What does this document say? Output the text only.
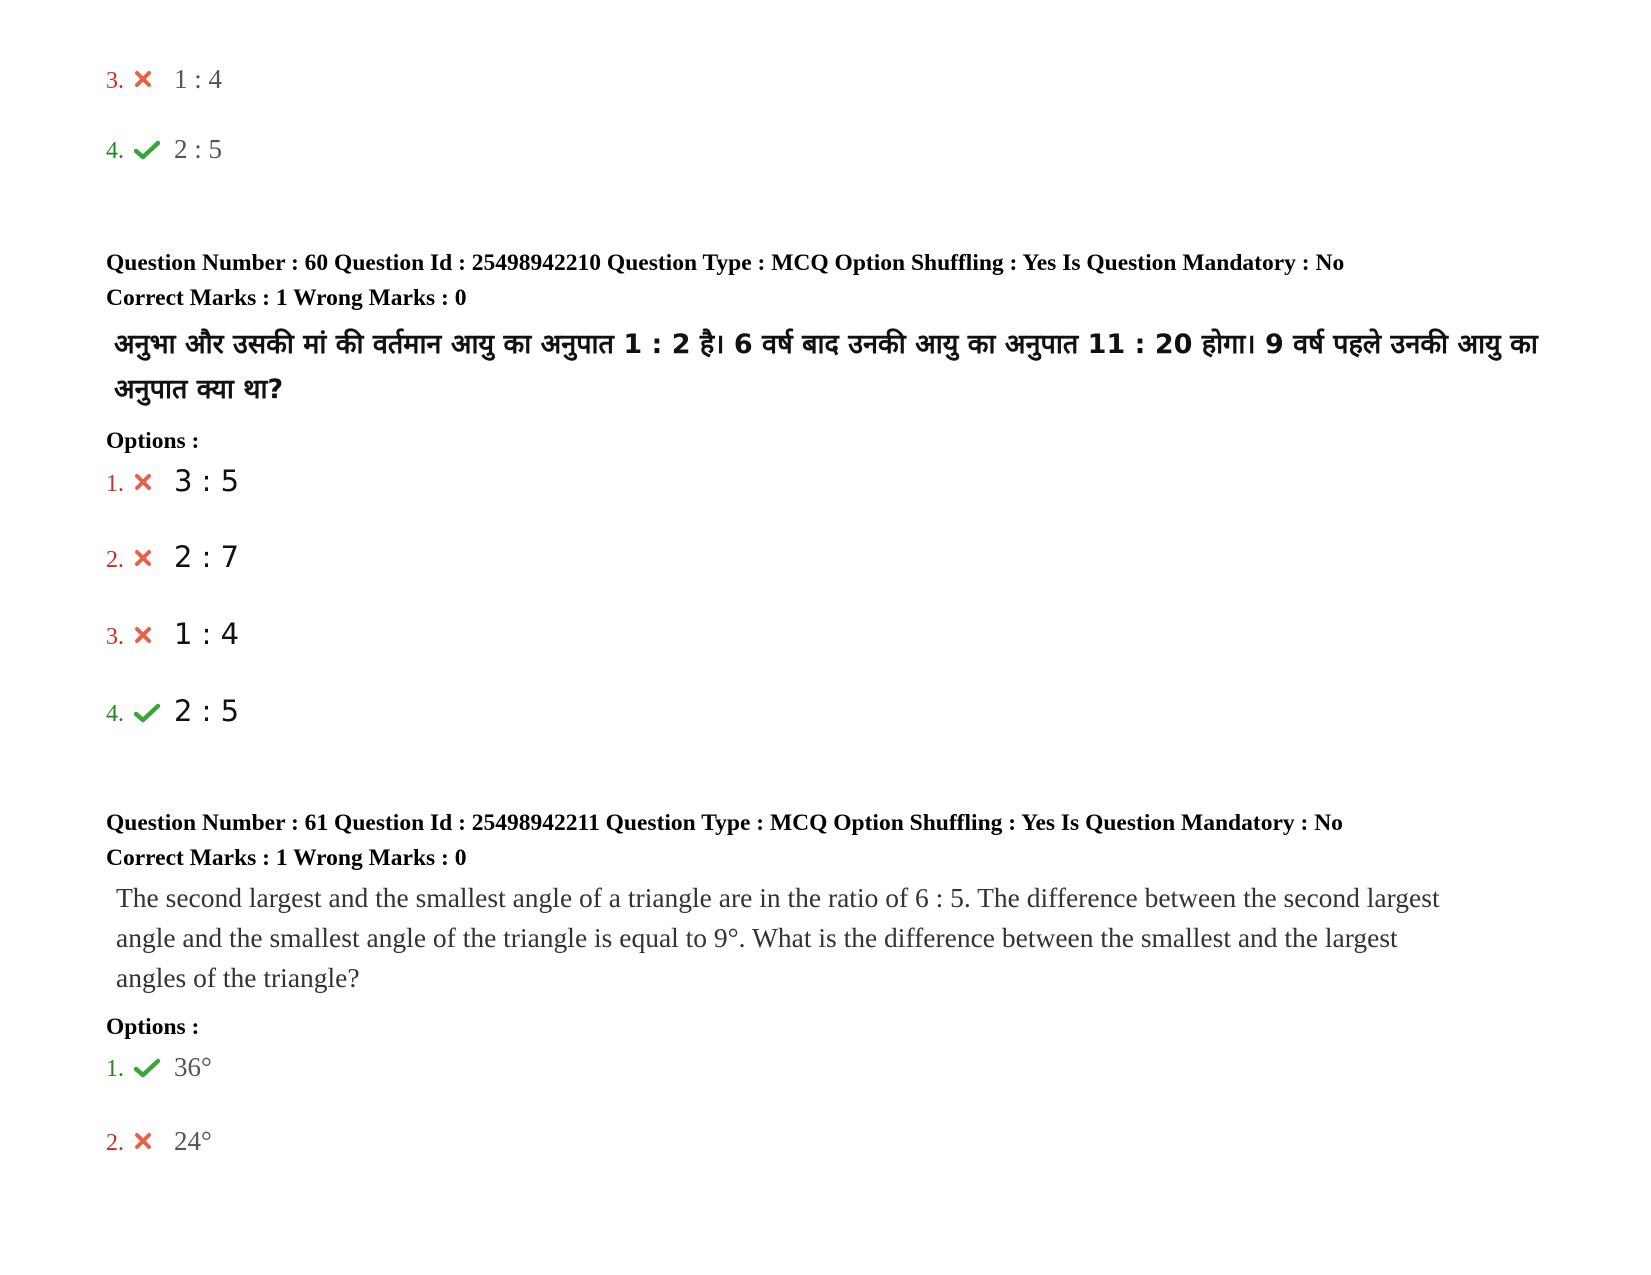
3.	1 : 4
4.	2 : 5
Question Number : 60 Question Id : 25498942210 Question Type : MCQ Option Shuffling : Yes Is Question Mandatory : No
Correct Marks : 1 Wrong Marks : 0
अनुभा और उसकी मां की वर्तमान आयु का अनुपात 1 : 2 है। 6 वर्ष बाद उनकी आयु का अनुपात 11 : 20 होगा। 9 वर्ष पहले उनकी आयु का अनुपात क्या था?
Options :
1.	3 : 5
2.	2 : 7
3.	1 : 4
4.	2 : 5
Question Number : 61 Question Id : 25498942211 Question Type : MCQ Option Shuffling : Yes Is Question Mandatory : No
Correct Marks : 1 Wrong Marks : 0
The second largest and the smallest angle of a triangle are in the ratio of 6 : 5. The difference between the second largest angle and the smallest angle of the triangle is equal to 9°. What is the difference between the smallest and the largest angles of the triangle?
Options :
1.	36°
2.	24°
